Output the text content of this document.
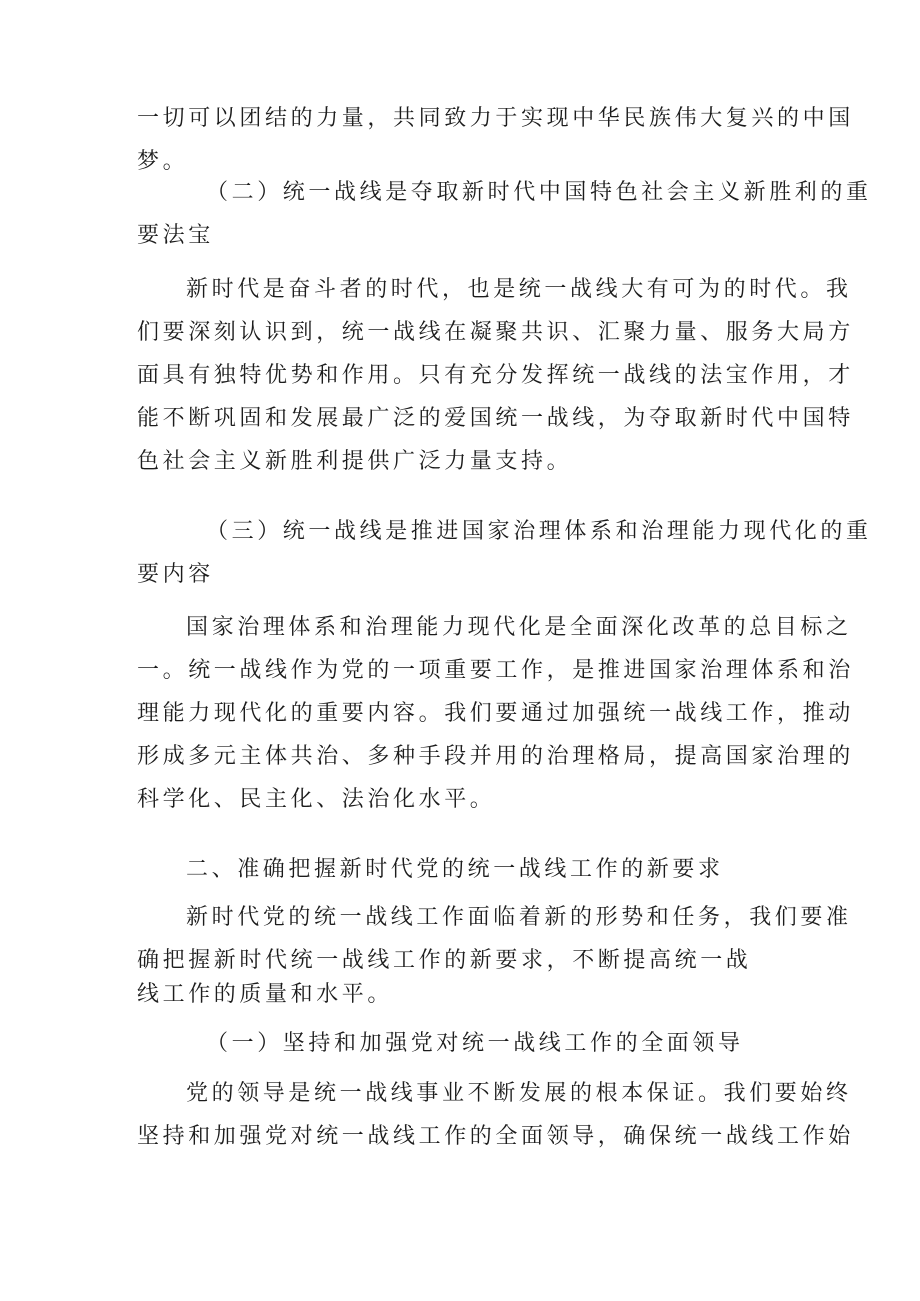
一切可以团结的力量，共同致力于实现中华民族伟大复兴的中国
梦。
（二）统一战线是夺取新时代中国特色社会主义新胜利的重
要法宝
新时代是奋斗者的时代，也是统一战线大有可为的时代。我
们要深刻认识到，统一战线在凝聚共识、汇聚力量、服务大局方
面具有独特优势和作用。只有充分发挥统一战线的法宝作用，才
能不断巩固和发展最广泛的爱国统一战线，为夺取新时代中国特
色社会主义新胜利提供广泛力量支持。
（三）统一战线是推进国家治理体系和治理能力现代化的重
要内容
国家治理体系和治理能力现代化是全面深化改革的总目标之
一。统一战线作为党的一项重要工作，是推进国家治理体系和治
理能力现代化的重要内容。我们要通过加强统一战线工作，推动
形成多元主体共治、多种手段并用的治理格局，提高国家治理的
科学化、民主化、法治化水平。
二、准确把握新时代党的统一战线工作的新要求
新时代党的统一战线工作面临着新的形势和任务，我们要准
确把握新时代统一战线工作的新要求，不断提高统一战
线工作的质量和水平。
（一）坚持和加强党对统一战线工作的全面领导
党的领导是统一战线事业不断发展的根本保证。我们要始终
坚持和加强党对统一战线工作的全面领导，确保统一战线工作始
